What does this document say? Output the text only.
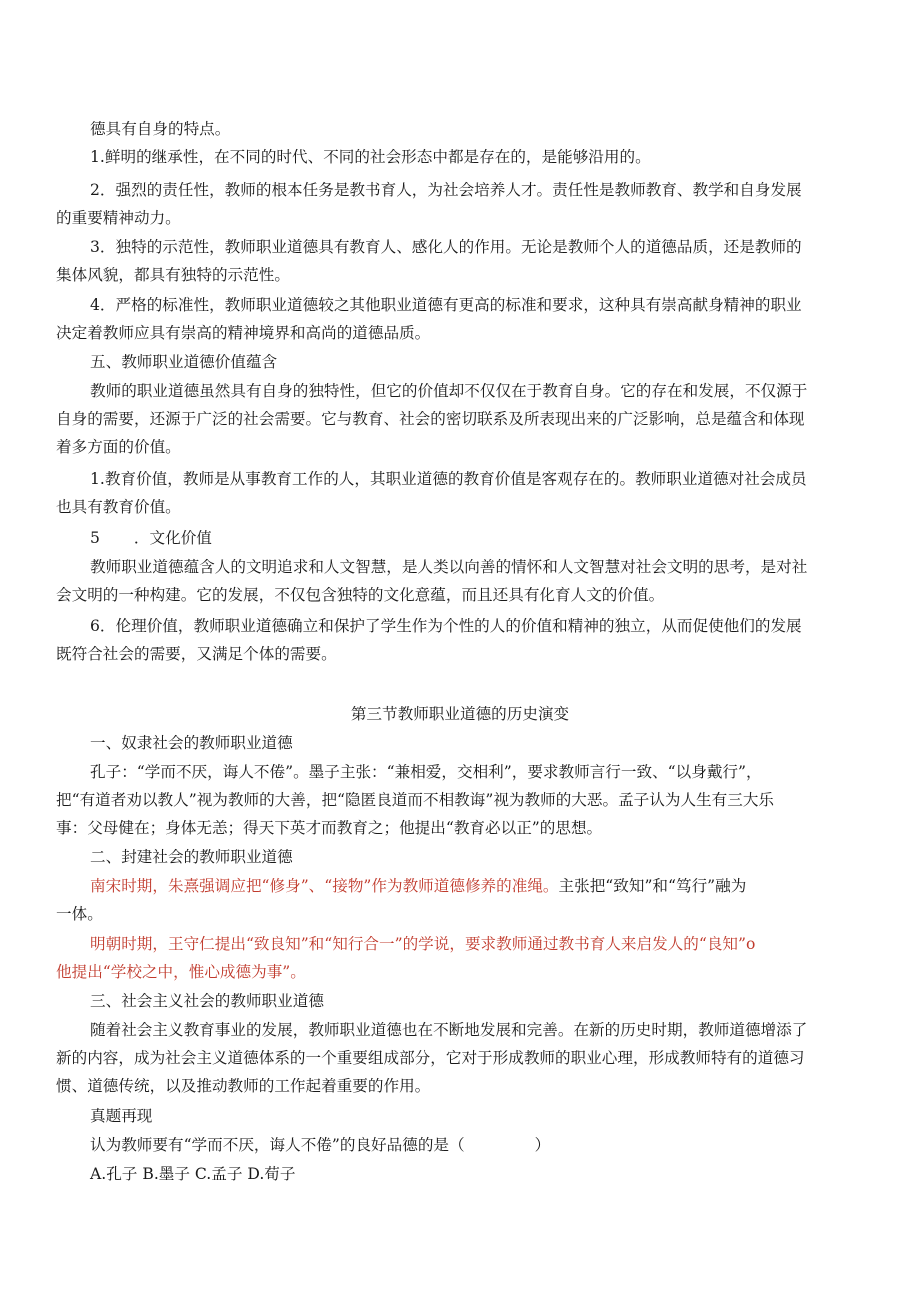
德具有自身的特点。

1.鲜明的继承性，在不同的时代、不同的社会形态中都是存在的，是能够沿用的。

2．强烈的责任性，教师的根本任务是教书育人，为社会培养人才。责任性是教师教育、教学和自身发展
的重要精神动力。

3．独特的示范性，教师职业道德具有教育人、感化人的作用。无论是教师个人的道德品质，还是教师的
集体风貌，都具有独特的示范性。

4．严格的标准性，教师职业道德较之其他职业道德有更高的标准和要求，这种具有崇高献身精神的职业
决定着教师应具有崇高的精神境界和高尚的道德品质。

五、教师职业道德价值蕴含

教师的职业道德虽然具有自身的独特性，但它的价值却不仅仅在于教育自身。它的存在和发展，不仅源于
自身的需要，还源于广泛的社会需要。它与教育、社会的密切联系及所表现出来的广泛影响，总是蕴含和体现
着多方面的价值。

1.教育价值，教师是从事教育工作的人，其职业道德的教育价值是客观存在的。教师职业道德对社会成员
也具有教育价值。

5 ．文化价值

教师职业道德蕴含人的文明追求和人文智慧，是人类以向善的情怀和人文智慧对社会文明的思考，是对社
会文明的一种构建。它的发展，不仅包含独特的文化意蕴，而且还具有化育人文的价值。

6．伦理价值，教师职业道德确立和保护了学生作为个性的人的价值和精神的独立，从而促使他们的发展
既符合社会的需要，又满足个体的需要。

第三节教师职业道德的历史演变

一、奴隶社会的教师职业道德

孔子：“学而不厌，诲人不倦”。墨子主张：“兼相爱，交相利”，要求教师言行一致、“以身戴行”，
把“有道者劝以教人”视为教师的大善，把“隐匿良道而不相教诲”视为教师的大恶。孟子认为人生有三大乐
事：父母健在；身体无恙；得天下英才而教育之；他提出“教育必以正”的思想。

二、封建社会的教师职业道德

南宋时期，朱熹强调应把“修身”、“接物”作为教师道德修养的准绳。主张把“致知”和“笃行”融为
一体。

明朝时期，王守仁提出“致良知”和“知行合一”的学说，要求教师通过教书育人来启发人的“良知”o
他提出“学校之中，惟心成德为事”。

三、社会主义社会的教师职业道德

随着社会主义教育事业的发展，教师职业道德也在不断地发展和完善。在新的历史时期，教师道德增添了
新的内容，成为社会主义道德体系的一个重要组成部分，它对于形成教师的职业心理，形成教师特有的道德习
惯、道德传统，以及推动教师的工作起着重要的作用。

真题再现

认为教师要有“学而不厌，诲人不倦”的良好品德的是（	）

A.孔子 B.墨子 C.孟子 D.荀子
